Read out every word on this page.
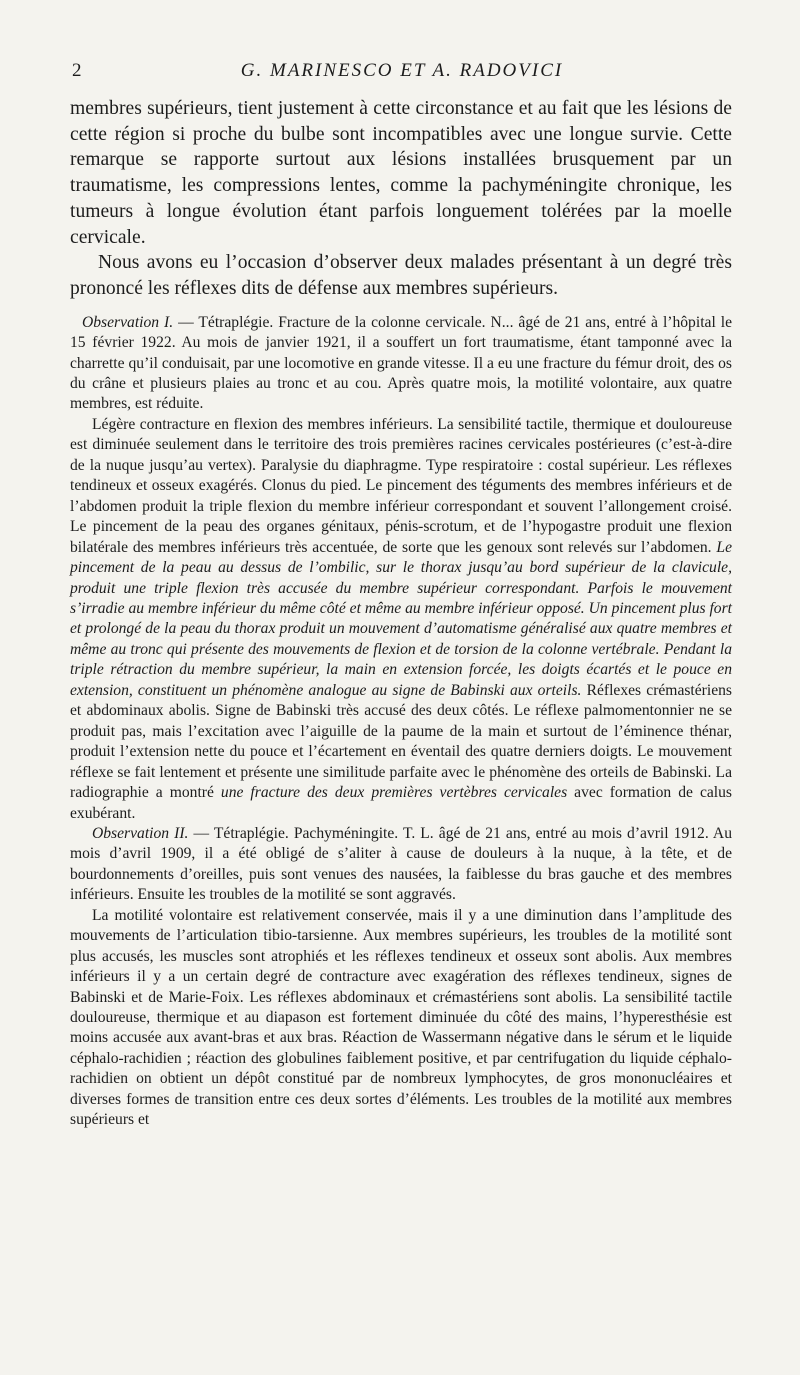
2	G. MARINESCO ET A. RADOVICI

membres supérieurs, tient justement à cette circonstance et au fait que les lésions de cette région si proche du bulbe sont incompatibles avec une longue survie. Cette remarque se rapporte surtout aux lésions installées brusquement par un traumatisme, les compressions lentes, comme la pachyméningite chronique, les tumeurs à longue évolution étant parfois longuement tolérées par la moelle cervicale.

Nous avons eu l’occasion d’observer deux malades présentant à un degré très prononcé les réflexes dits de défense aux membres supérieurs.

Observation I. — Tétraplégie. Fracture de la colonne cervicale. N... âgé de 21 ans, entré à l’hôpital le 15 février 1922. Au mois de janvier 1921, il a souffert un fort traumatisme, étant tamponné avec la charrette qu’il conduisait, par une locomotive en grande vitesse. Il a eu une fracture du fémur droit, des os du crâne et plusieurs plaies au tronc et au cou. Après quatre mois, la motilité volontaire, aux quatre membres, est réduite.

Légère contracture en flexion des membres inférieurs. La sensibilité tactile, thermique et douloureuse est diminuée seulement dans le territoire des trois premières racines cervicales postérieures (c’est-à-dire de la nuque jusqu’au vertex). Paralysie du diaphragme. Type respiratoire : costal supérieur. Les réflexes tendineux et osseux exagérés. Clonus du pied. Le pincement des téguments des membres inférieurs et de l’abdomen produit la triple flexion du membre inférieur correspondant et souvent l’allongement croisé. Le pincement de la peau des organes génitaux, pénis-scrotum, et de l’hypogastre produit une flexion bilatérale des membres inférieurs très accentuée, de sorte que les genoux sont relevés sur l’abdomen. Le pincement de la peau au dessus de l’ombilic, sur le thorax jusqu’au bord supérieur de la clavicule, produit une triple flexion très accusée du membre supérieur correspondant. Parfois le mouvement s’irradie au membre inférieur du même côté et même au membre inférieur opposé. Un pincement plus fort et prolongé de la peau du thorax produit un mouvement d’automatisme généralisé aux quatre membres et même au tronc qui présente des mouvements de flexion et de torsion de la colonne vertébrale. Pendant la triple rétraction du membre supérieur, la main en extension forcée, les doigts écartés et le pouce en extension, constituent un phénomène analogue au signe de Babinski aux orteils. Réflexes crémastériens et abdominaux abolis. Signe de Babinski très accusé des deux côtés. Le réflexe palmomentonnier ne se produit pas, mais l’excitation avec l’aiguille de la paume de la main et surtout de l’éminence thénar, produit l’extension nette du pouce et l’écartement en éventail des quatre derniers doigts. Le mouvement réflexe se fait lentement et présente une similitude parfaite avec le phénomène des orteils de Babinski. La radiographie a montré une fracture des deux premières vertèbres cervicales avec formation de calus exubérant.

Observation II. — Tétraplégie. Pachyméningite. T. L. âgé de 21 ans, entré au mois d’avril 1912. Au mois d’avril 1909, il a été obligé de s’aliter à cause de douleurs à la nuque, à la tête, et de bourdonnements d’oreilles, puis sont venues des nausées, la faiblesse du bras gauche et des membres inférieurs. Ensuite les troubles de la motilité se sont aggravés.

La motilité volontaire est relativement conservée, mais il y a une diminution dans l’amplitude des mouvements de l’articulation tibio-tarsienne. Aux membres supérieurs, les troubles de la motilité sont plus accusés, les muscles sont atrophiés et les réflexes tendineux et osseux sont abolis. Aux membres inférieurs il y a un certain degré de contracture avec exagération des réflexes tendineux, signes de Babinski et de Marie-Foix. Les réflexes abdominaux et crémastériens sont abolis. La sensibilité tactile douloureuse, thermique et au diapason est fortement diminuée du côté des mains, l’hyperesthésie est moins accusée aux avant-bras et aux bras. Réaction de Wassermann négative dans le sérum et le liquide céphalo-rachidien ; réaction des globulines faiblement positive, et par centrifugation du liquide céphalo-rachidien on obtient un dépôt constitué par de nombreux lymphocytes, de gros mononucléaires et diverses formes de transition entre ces deux sortes d’éléments. Les troubles de la motilité aux membres supérieurs et
